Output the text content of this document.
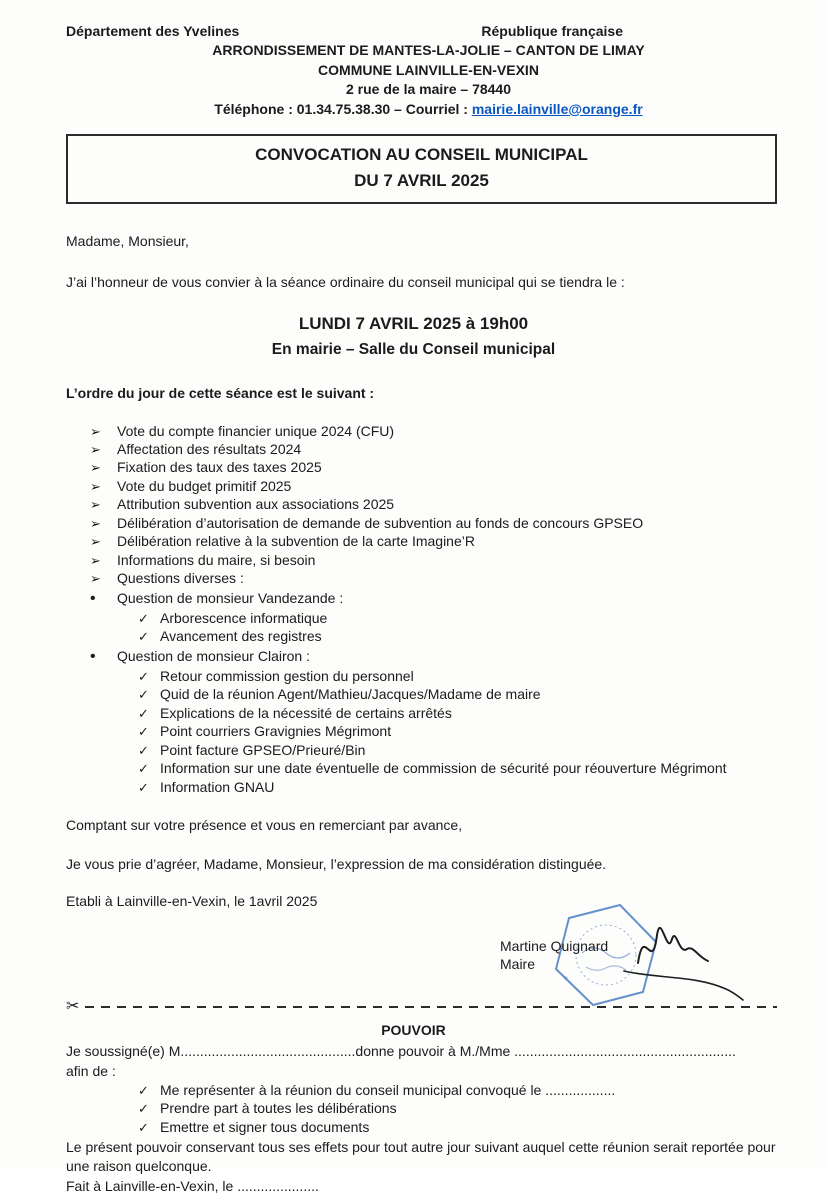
Département des Yvelines	République française
ARRONDISSEMENT DE MANTES-LA-JOLIE – CANTON DE LIMAY
COMMUNE LAINVILLE-EN-VEXIN
2 rue de la maire – 78440
Téléphone : 01.34.75.38.30 – Courriel : mairie.lainville@orange.fr
CONVOCATION AU CONSEIL MUNICIPAL
DU 7 AVRIL 2025

Madame, Monsieur,

J’ai l’honneur de vous convier à la séance ordinaire du conseil municipal qui se tiendra le :

LUNDI 7 AVRIL 2025 à 19h00

En mairie – Salle du Conseil municipal

L’ordre du jour de cette séance est le suivant :

➢	Vote du compte financier unique 2024 (CFU)
➢	Affectation des résultats 2024
➢	Fixation des taux des taxes 2025
➢	Vote du budget primitif 2025
➢	Attribution subvention aux associations 2025
➢	Délibération d’autorisation de demande de subvention au fonds de concours GPSEO
➢	Délibération relative à la subvention de la carte Imagine’R
➢	Informations du maire, si besoin
➢	Questions diverses :
•	Question de monsieur Vandezande :
✓ Arborescence informatique
✓ Avancement des registres
•	Question de monsieur Clairon :
✓ Retour commission gestion du personnel
✓ Quid de la réunion Agent/Mathieu/Jacques/Madame de maire
✓ Explications de la nécessité de certains arrêtés
✓ Point courriers Gravignies Mégrimont
✓ Point facture GPSEO/Prieuré/Bin
✓ Information sur une date éventuelle de commission de sécurité pour réouverture Mégrimont
✓ Information GNAU

Comptant sur votre présence et vous en remerciant par avance,

Je vous prie d’agréer, Madame, Monsieur, l’expression de ma considération distinguée.

Etabli à Lainville-en-Vexin, le 1avril 2025

*
Martine Quignard
Maire
✂

POUVOIR

Je soussigné(e) M.............................................donne pouvoir à M./Mme .........................................................

afin de :

✓ Me représenter à la réunion du conseil municipal convoqué le ..................
✓ Prendre part à toutes les délibérations
✓ Emettre et signer tous documents

Le présent pouvoir conservant tous ses effets pour tout autre jour suivant auquel cette réunion serait reportée pour une raison quelconque.

Fait à Lainville-en-Vexin, le .....................
